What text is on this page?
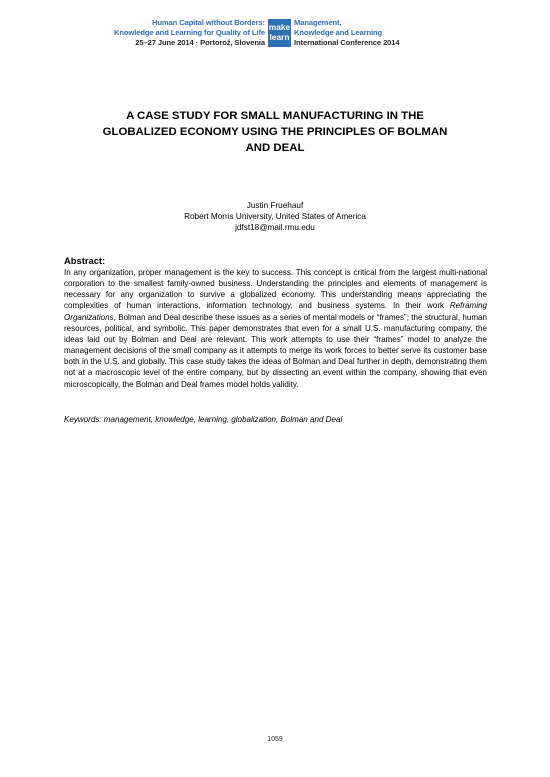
Human Capital without Borders:
Knowledge and Learning for Quality of Life
25–27 June 2014 · Portorož, Slovenia
make
learn
Management,
Knowledge and Learning
International Conference 2014
A CASE STUDY FOR SMALL MANUFACTURING IN THE
GLOBALIZED ECONOMY USING THE PRINCIPLES OF BOLMAN
AND DEAL
Justin Fruehauf
Robert Morris University, United States of America
jdfst18@mail.rmu.edu
Abstract:
In any organization, proper management is the key to success. This concept is critical from the largest multi-national corporation to the smallest family-owned business. Understanding the principles and elements of management is necessary for any organization to survive a globalized economy. This understanding means appreciating the complexities of human interactions, information technology, and business systems. In their work Reframing Organizations, Bolman and Deal describe these issues as a series of mental models or “frames”; the structural, human resources, political, and symbolic. This paper demonstrates that even for a small U.S. manufacturing company, the ideas laid out by Bolman and Deal are relevant. This work attempts to use their “frames” model to analyze the management decisions of the small company as it attempts to merge its work forces to better serve its customer base both in the U.S. and globally. This case study takes the ideas of Bolman and Deal further in depth, demonstrating them not at a macroscopic level of the entire company, but by dissecting an event within the company, showing that even microscopically, the Bolman and Deal frames model holds validity.
Keywords: management, knowledge, learning, globalization, Bolman and Deal
1059
